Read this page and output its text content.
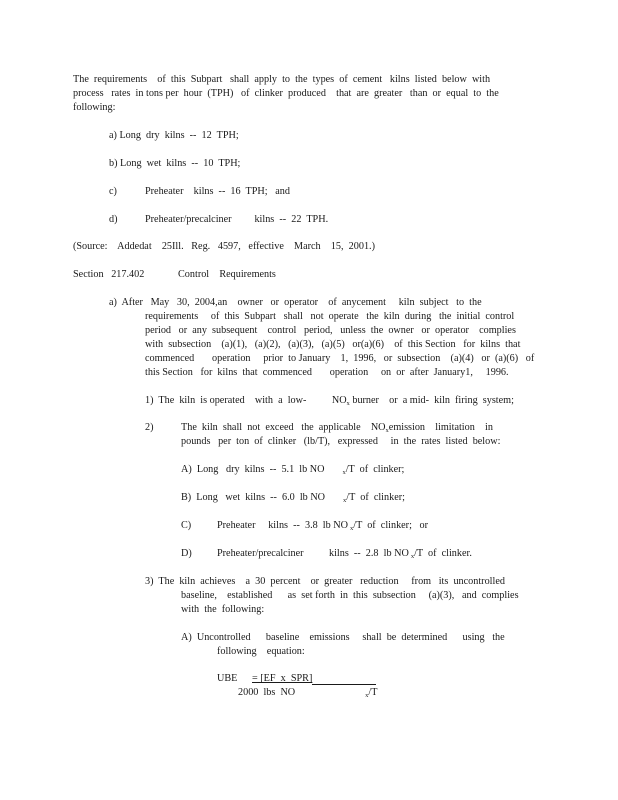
The  requirements    of  this  Subpart   shall  apply  to  the  types  of  cement   kilns  listed  below  with
process   rates  in tons per  hour  (TPH)   of  clinker  produced    that  are  greater   than  or  equal  to  the
following:
a) Long  dry  kilns  --  12  TPH;
b) Long  wet  kilns  --  10  TPH;
c)	Preheater    kilns  --  16  TPH;   and
d)	Preheater/precalciner         kilns  --  22  TPH.
(Source:    Addedat    25Ill.   Reg.   4597,   effective    March    15,  2001.)
Section   217.402	Control    Requirements
a)  After   May   30,  2004,an    owner   or  operator    of  anycement     kiln  subject   to  the
requirements     of  this  Subpart   shall   not  operate   the  kiln  during   the  initial  control
period   or  any  subsequent    control   period,   unless  the  owner   or  operator    complies
with  subsection    (a)(1),   (a)(2),   (a)(3),   (a)(5)   or(a)(6)    of  this Section   for  kilns  that
commenced       operation     prior  to January    1,  1996,   or  subsection    (a)(4)   or  (a)(6)   of
this Section   for  kilns  that  commenced       operation     on  or  after  January1,     1996.
1)  The  kiln  is operated    with  a  low-          $NO_x$ burner    or  a mid-  kiln  firing  system;
2)	The  kiln  shall  not  exceed   the  applicable    $NO_xemission$    limitation    in
pounds   per  ton  of  clinker   (lb/T),   expressed     in  the  rates  listed  below:
A)  Long   dry  kilns  --  5.1  lb NO	$_x$/T  of  clinker;
B)  Long   wet  kilns  --  6.0  lb NO	$_x$/T  of  clinker;
C)	Preheater     kilns  --  3.8  lb NO $_x$/T  of  clinker;   or
D) Preheater/precalciner          kilns  --  2.8  lb NO $_x$/T  of  clinker.
3)  The  kiln  achieves    a  30  percent    or  greater   reduction     from   its  uncontrolled
baseline,    established      as  set forth  in  this  subsection     (a)(3),   and  complies
with  the  following:
A)  Uncontrolled      baseline    emissions     shall  be  determined      using   the
following    equation:
UBE = [EF  x  SPR]
2000  lbs  NO	$_x$/T
